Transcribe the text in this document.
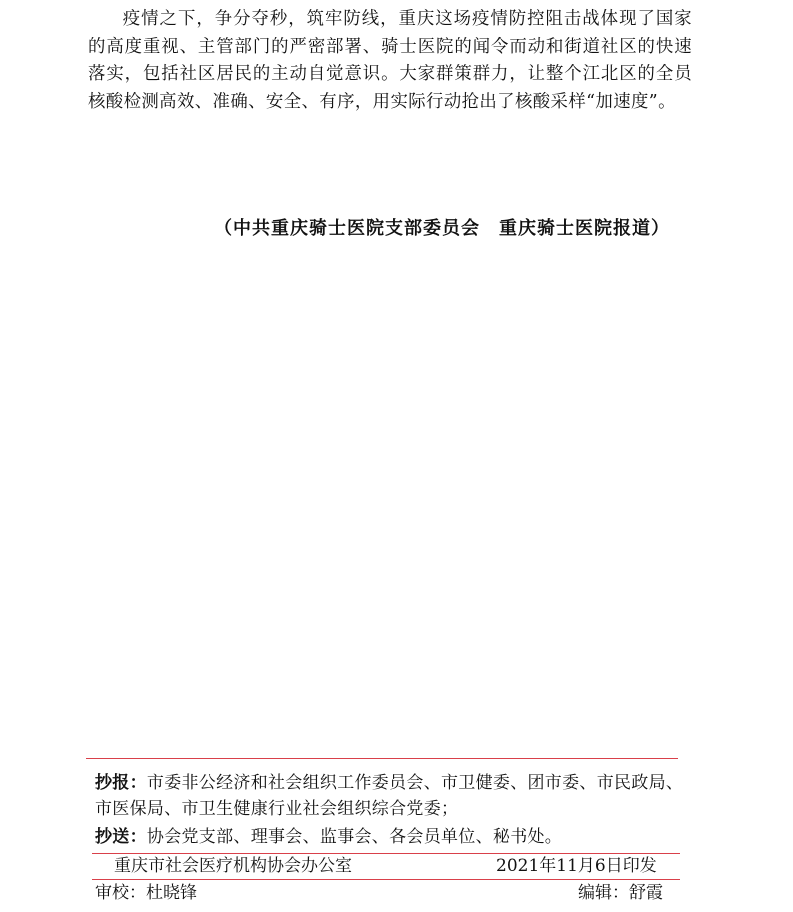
疫情之下，争分夺秒，筑牢防线，重庆这场疫情防控阻击战体现了国家的高度重视、主管部门的严密部署、骑士医院的闻令而动和街道社区的快速落实，包括社区居民的主动自觉意识。大家群策群力，让整个江北区的全员核酸检测高效、准确、安全、有序，用实际行动抢出了核酸采样“加速度”。

（中共重庆骑士医院支部委员会　重庆骑士医院报道）

抄报：市委非公经济和社会组织工作委员会、市卫健委、团市委、市民政局、市医保局、市卫生健康行业社会组织综合党委；

抄送：协会党支部、理事会、监事会、各会员单位、秘书处。

重庆市社会医疗机构协会办公室	2021年11月6日印发
审校：杜晓锋	编辑：舒霞
